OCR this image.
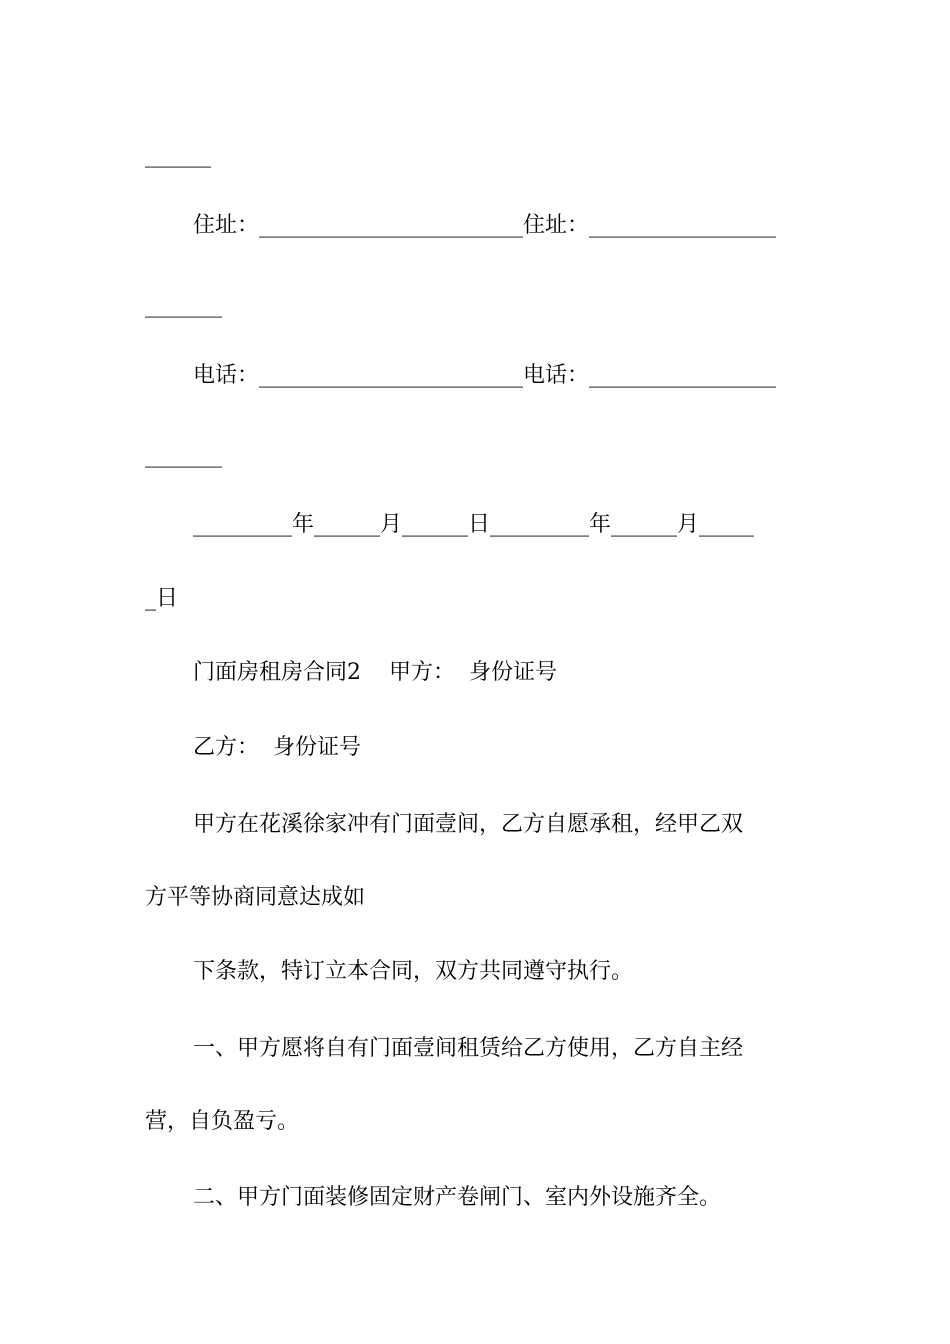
______

住址：________________________住址：_________________

_______

电话：________________________电话：_________________

_______

_________年______月______日_________年______月_____

_日

门面房租房合同2    甲方：  身份证号

乙方：  身份证号

甲方在花溪徐家冲有门面壹间，乙方自愿承租，经甲乙双

方平等协商同意达成如

下条款，特订立本合同，双方共同遵守执行。

一、甲方愿将自有门面壹间租赁给乙方使用，乙方自主经

营，自负盈亏。

二、甲方门面装修固定财产卷闸门、室内外设施齐全。
